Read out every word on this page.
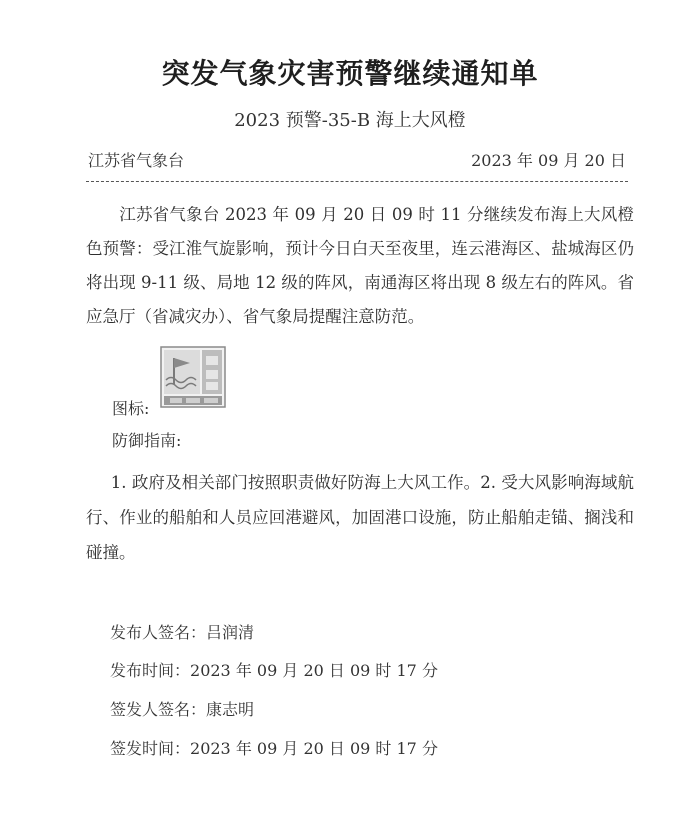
突发气象灾害预警继续通知单
2023 预警-35-B 海上大风橙
江苏省气象台	2023 年 09 月 20 日
江苏省气象台 2023 年 09 月 20 日 09 时 11 分继续发布海上大风橙色预警：受江淮气旋影响，预计今日白天至夜里，连云港海区、盐城海区仍将出现 9-11 级、局地 12 级的阵风，南通海区将出现 8 级左右的阵风。省应急厅（省减灾办）、省气象局提醒注意防范。
图标:
防御指南:
1. 政府及相关部门按照职责做好防海上大风工作。2. 受大风影响海域航行、作业的船舶和人员应回港避风，加固港口设施，防止船舶走锚、搁浅和碰撞。
发布人签名：吕润清
发布时间：2023 年 09 月 20 日 09 时 17 分
签发人签名：康志明
签发时间：2023 年 09 月 20 日 09 时 17 分
